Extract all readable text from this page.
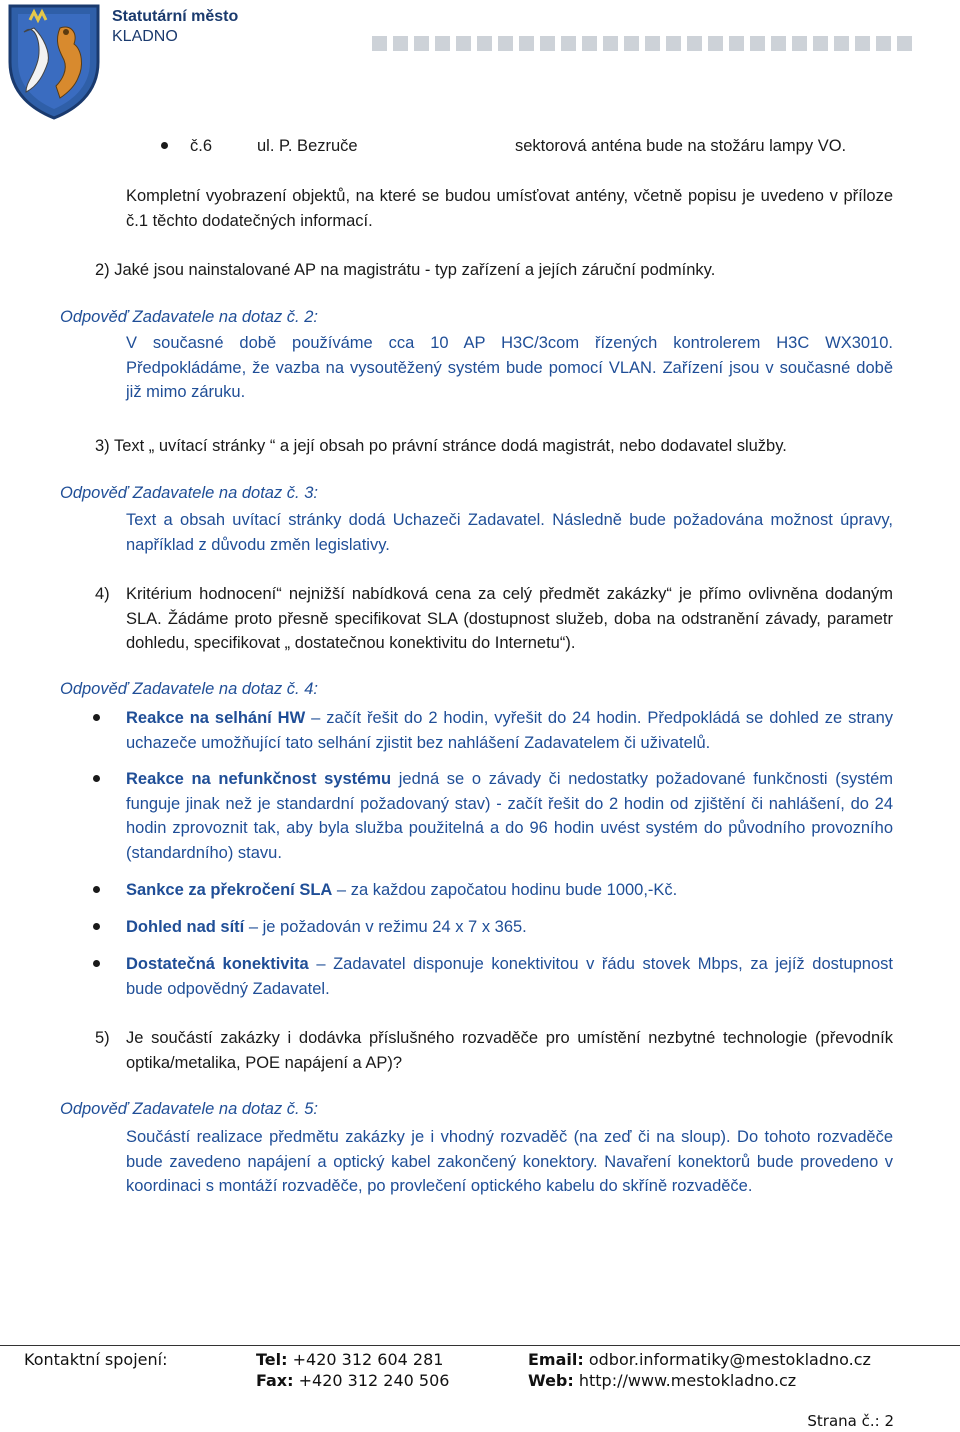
Statutární město
KLADNO
č.6	ul. P. Bezruče	sektorová anténa bude na stožáru lampy VO.
Kompletní vyobrazení objektů, na které se budou umísťovat antény, včetně popisu je uvedeno v příloze č.1 těchto dodatečných informací.
2) Jaké jsou nainstalované AP na magistrátu - typ zařízení a jejích záruční podmínky.
Odpověď Zadavatele na dotaz č. 2:
V současné době používáme cca 10 AP H3C/3com řízených kontrolerem H3C WX3010. Předpokládáme, že vazba na vysoutěžený systém bude pomocí VLAN. Zařízení jsou v současné době již mimo záruku.
3) Text „ uvítací stránky “ a její obsah po právní stránce dodá magistrát, nebo dodavatel služby.
Odpověď Zadavatele na dotaz č. 3:
Text a obsah uvítací stránky dodá Uchazeči Zadavatel. Následně bude požadována možnost úpravy, například z důvodu změn legislativy.
4) Kritérium hodnocení“ nejnižší nabídková cena za celý předmět zakázky“ je přímo ovlivněna dodaným SLA. Žádáme proto přesně specifikovat SLA (dostupnost služeb, doba na odstranění závady, parametr dohledu, specifikovat „ dostatečnou konektivitu do Internetu“).
Odpověď Zadavatele na dotaz č. 4:
Reakce na selhání HW – začít řešit do 2 hodin, vyřešit do 24 hodin. Předpokládá se dohled ze strany uchazeče umožňující tato selhání zjistit bez nahlášení Zadavatelem či uživatelů.
Reakce na nefunkčnost systému jedná se o závady či nedostatky požadované funkčnosti (systém funguje jinak než je standardní požadovaný stav) - začít řešit do 2 hodin od zjištění či nahlášení, do 24 hodin zprovoznit tak, aby byla služba použitelná a do 96 hodin uvést systém do původního provozního (standardního) stavu.
Sankce za překročení SLA – za každou započatou hodinu bude 1000,-Kč.
Dohled nad sítí – je požadován v režimu 24 x 7 x 365.
Dostatečná konektivita – Zadavatel disponuje konektivitou v řádu stovek Mbps, za jejíž dostupnost bude odpovědný Zadavatel.
5) Je součástí zakázky i dodávka příslušného rozvaděče pro umístění nezbytné technologie (převodník optika/metalika, POE napájení a AP)?
Odpověď Zadavatele na dotaz č. 5:
Součástí realizace předmětu zakázky je i vhodný rozvaděč (na zeď či na sloup). Do tohoto rozvaděče bude zavedeno napájení a optický kabel zakončený konektory. Navaření konektorů bude provedeno v koordinaci s montáží rozvaděče, po provlečení optického kabelu do skříně rozvaděče.
Kontaktní spojení:	Tel: +420 312 604 281
Fax: +420 312 240 506
Email: odbor.informatiky@mestokladno.cz
Web: http://www.mestokladno.cz
Strana č.: 2
